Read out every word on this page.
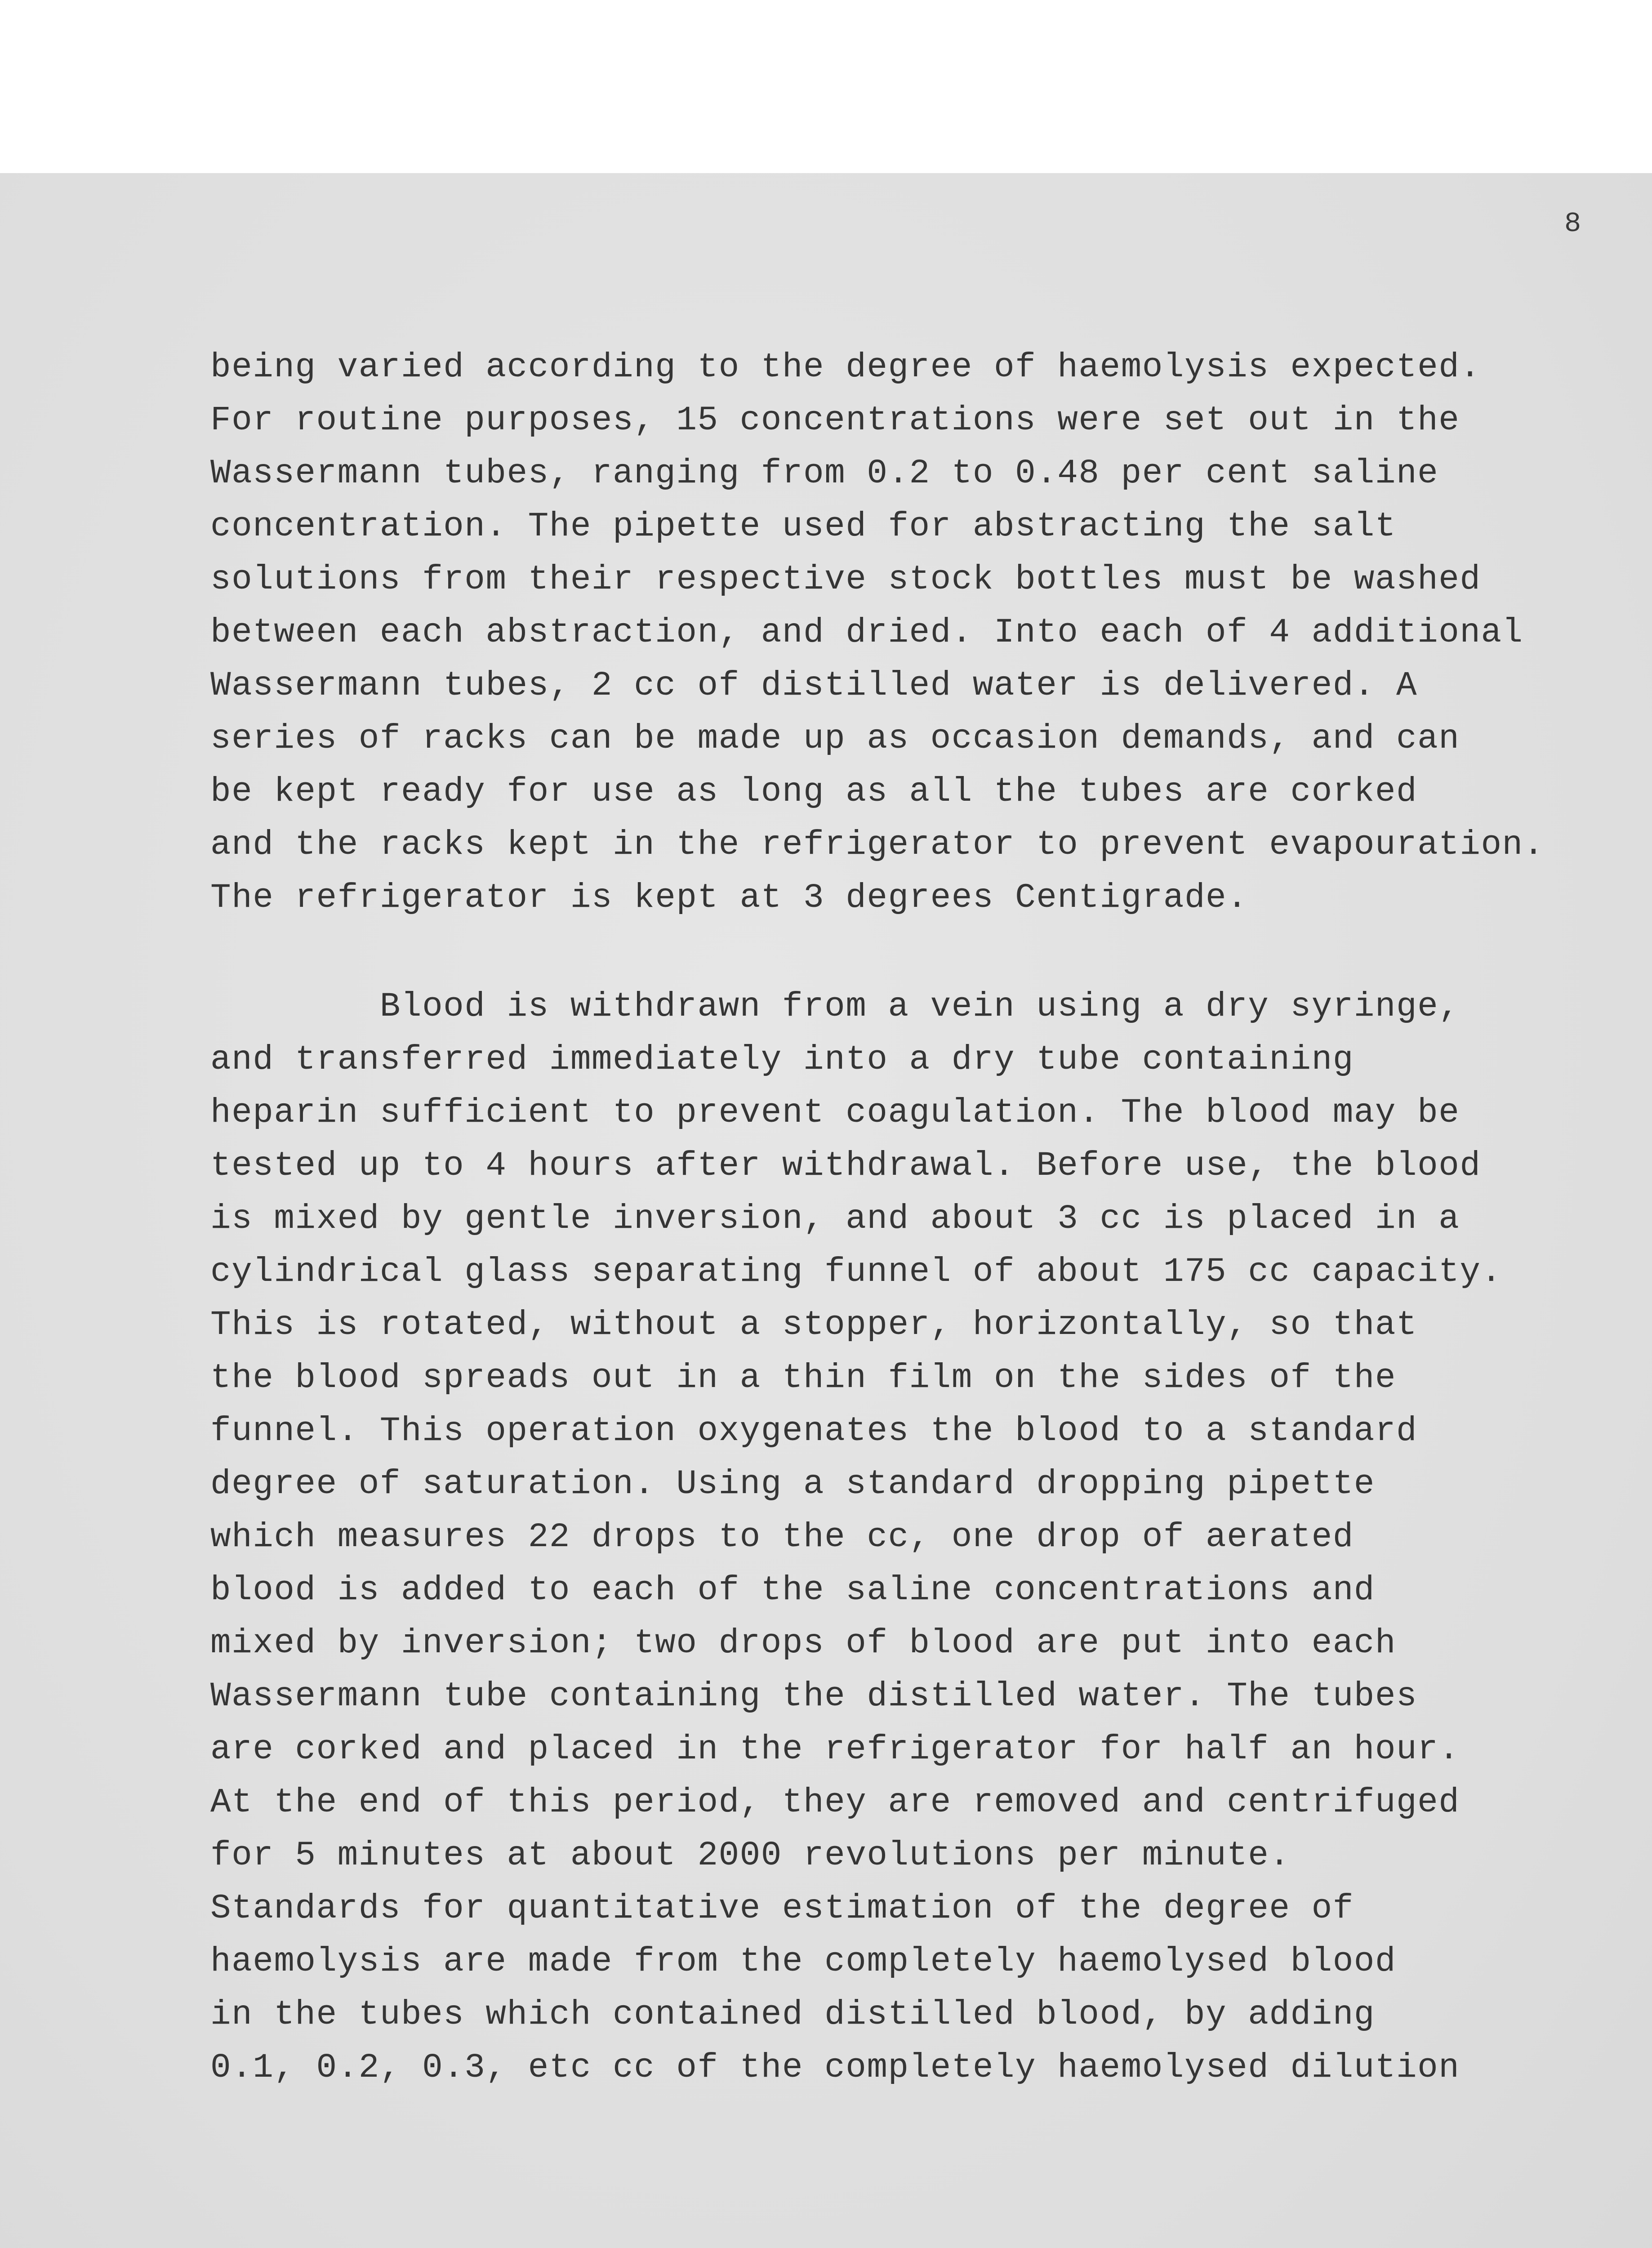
8

being varied according to the degree of haemolysis expected.
For routine purposes, 15 concentrations were set out in the
Wassermann tubes, ranging from 0.2 to 0.48 per cent saline
concentration. The pipette used for abstracting the salt
solutions from their respective stock bottles must be washed
between each abstraction, and dried. Into each of 4 additional
Wassermann tubes, 2 cc of distilled water is delivered. A
series of racks can be made up as occasion demands, and can
be kept ready for use as long as all the tubes are corked
and the racks kept in the refrigerator to prevent evapouration.
The refrigerator is kept at 3 degrees Centigrade.
Blood is withdrawn from a vein using a dry syringe,
and transferred immediately into a dry tube containing
heparin sufficient to prevent coagulation. The blood may be
tested up to 4 hours after withdrawal. Before use, the blood
is mixed by gentle inversion, and about 3 cc is placed in a
cylindrical glass separating funnel of about 175 cc capacity.
This is rotated, without a stopper, horizontally, so that
the blood spreads out in a thin film on the sides of the
funnel. This operation oxygenates the blood to a standard
degree of saturation. Using a standard dropping pipette
which measures 22 drops to the cc, one drop of aerated
blood is added to each of the saline concentrations and
mixed by inversion; two drops of blood are put into each
Wassermann tube containing the distilled water. The tubes
are corked and placed in the refrigerator for half an hour.
At the end of this period, they are removed and centrifuged
for 5 minutes at about 2000 revolutions per minute.
Standards for quantitative estimation of the degree of
haemolysis are made from the completely haemolysed blood
in the tubes which contained distilled blood, by adding
0.1, 0.2, 0.3, etc cc of the completely haemolysed dilution
